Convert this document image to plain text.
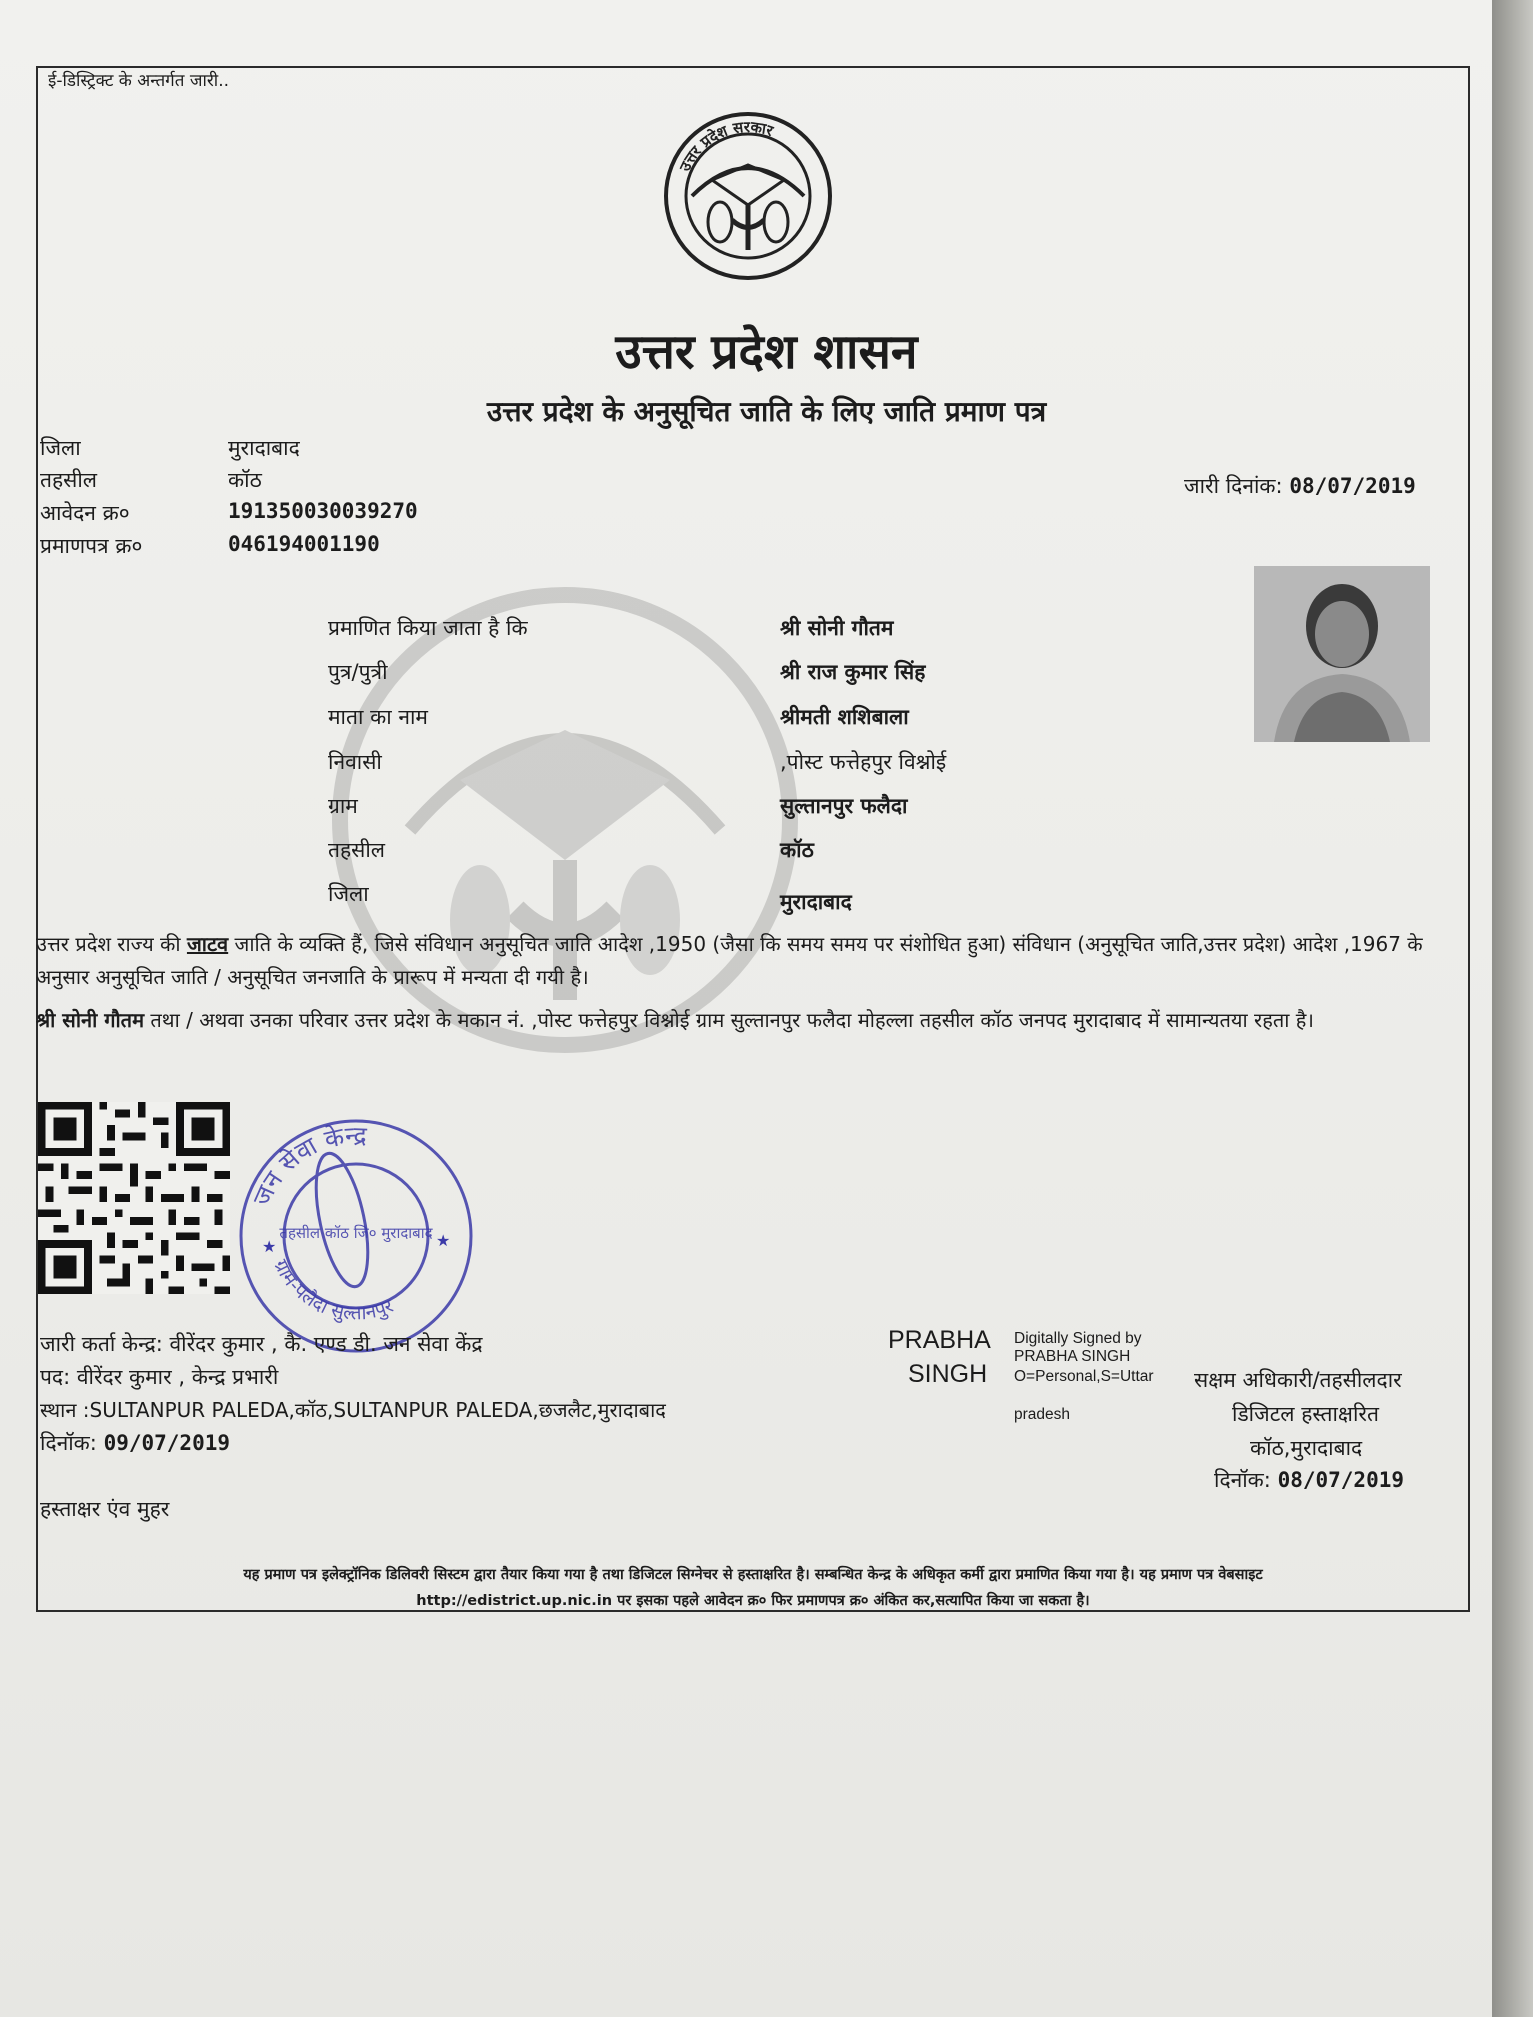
ई-डिस्ट्रिक्ट के अन्तर्गत जारी..
उत्तर प्रदेश सरकार
उत्तर प्रदेश शासन
उत्तर प्रदेश के अनुसूचित जाति के लिए जाति प्रमाण पत्र
जिला	मुरादाबाद
तहसील	कॉठ
आवेदन क्र०	191350030039270
प्रमाणपत्र क्र०	046194001190
जारी दिनांक: 08/07/2019
प्रमाणित किया जाता है कि	श्री सोनी गौतम
पुत्र/पुत्री	श्री राज कुमार सिंह
माता का नाम	श्रीमती शशिबाला
निवासी	,पोस्ट फत्तेहपुर विश्नोई
ग्राम	सुल्तानपुर फलैदा
तहसील	कॉठ
जिला	मुरादाबाद
उत्तर प्रदेश राज्य की जाटव जाति के व्यक्ति हैं, जिसे संविधान अनुसूचित जाति आदेश ,1950 (जैसा कि समय समय पर संशोधित हुआ) संविधान (अनुसूचित जाति,उत्तर प्रदेश) आदेश ,1967 के अनुसार अनुसूचित जाति / अनुसूचित जनजाति के प्रारूप में मन्यता दी गयी है।
श्री सोनी गौतम तथा / अथवा उनका परिवार उत्तर प्रदेश के मकान नं. ,पोस्ट फत्तेहपुर विश्नोई ग्राम सुल्तानपुर फलैदा मोहल्ला तहसील कॉठ जनपद मुरादाबाद में सामान्यतया रहता है।
जन सेवा केन्द्र
ग्राम-पलैदा सुल्तानपुर
तहसील कॉठ जि० मुरादाबाद
★	★
जारी कर्ता केन्द्र: वीरेंदर कुमार , कै. एण्ड डी. जन सेवा केंद्र
पद: वीरेंदर कुमार , केन्द्र प्रभारी
स्थान :SULTANPUR PALEDA,कॉठ,SULTANPUR PALEDA,छजलैट,मुरादाबाद
दिनॉक: 09/07/2019
हस्ताक्षर एंव मुहर
PRABHA
SINGH
Digitally Signed by
PRABHA SINGH
O=Personal,S=Uttar
pradesh
सक्षम अधिकारी/तहसीलदार
डिजिटल हस्ताक्षरित
कॉठ,मुरादाबाद
दिनॉक: 08/07/2019
यह प्रमाण पत्र इलेक्ट्रॉनिक डिलिवरी सिस्टम द्वारा तैयार किया गया है तथा डिजिटल सिग्नेचर से हस्ताक्षरित है। सम्बन्धित केन्द्र के अधिकृत कर्मी द्वारा प्रमाणित किया गया है। यह प्रमाण पत्र वेबसाइट
http://edistrict.up.nic.in पर इसका पहले आवेदन क्र० फिर प्रमाणपत्र क्र० अंकित कर,सत्यापित किया जा सकता है।
